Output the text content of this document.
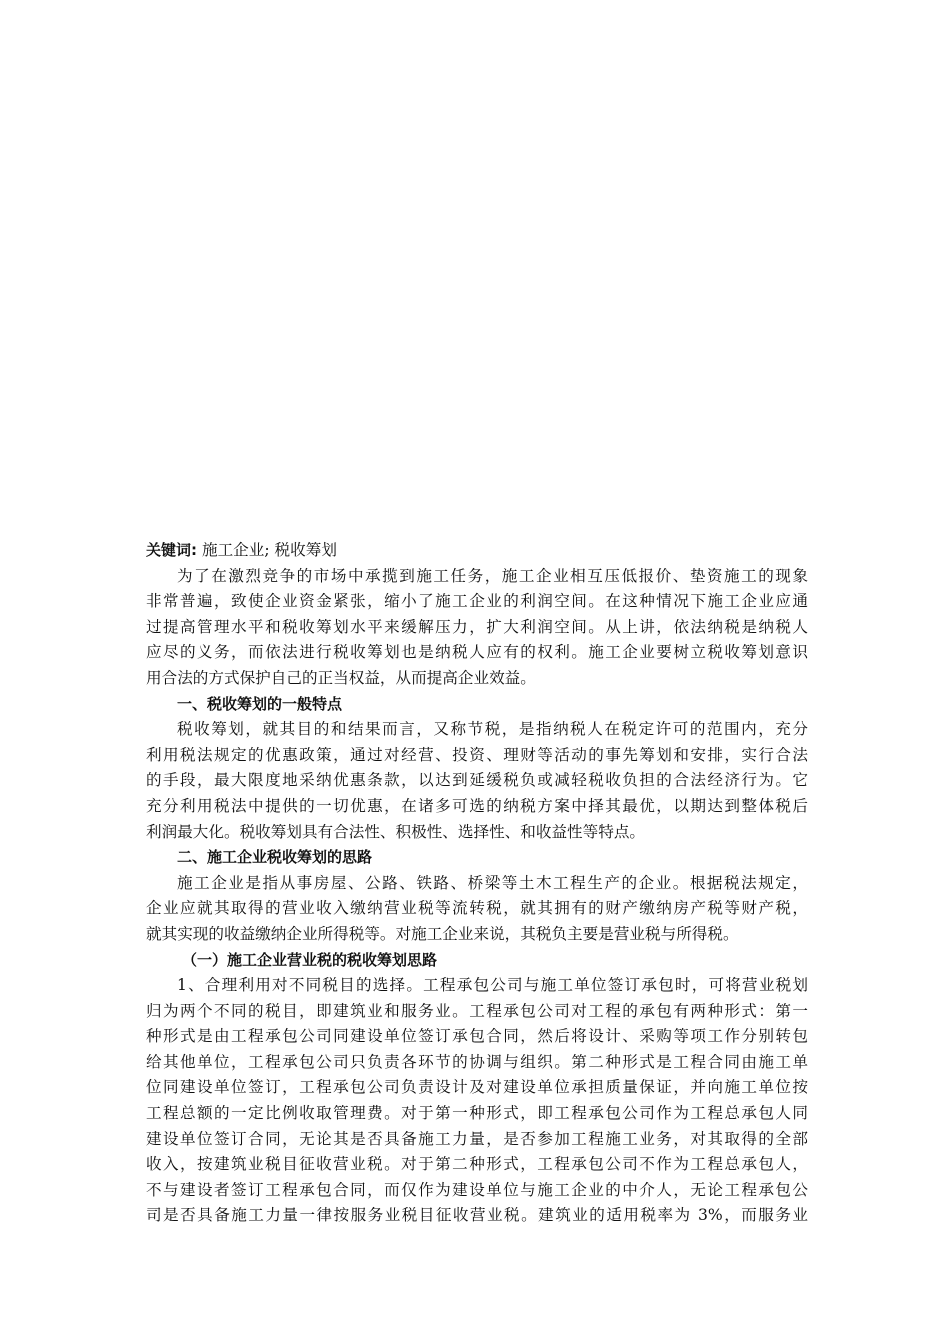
关键词: 施工企业; 税收筹划
为了在激烈竞争的市场中承揽到施工任务，施工企业相互压低报价、垫资施工的现象
非常普遍，致使企业资金紧张，缩小了施工企业的利润空间。在这种情况下施工企业应通
过提高管理水平和税收筹划水平来缓解压力，扩大利润空间。从上讲，依法纳税是纳税人
应尽的义务，而依法进行税收筹划也是纳税人应有的权利。施工企业要树立税收筹划意识
用合法的方式保护自己的正当权益，从而提高企业效益。
一、税收筹划的一般特点
税收筹划，就其目的和结果而言，又称节税，是指纳税人在税定许可的范围内，充分
利用税法规定的优惠政策，通过对经营、投资、理财等活动的事先筹划和安排，实行合法
的手段，最大限度地采纳优惠条款，以达到延缓税负或减轻税收负担的合法经济行为。它
充分利用税法中提供的一切优惠，在诸多可选的纳税方案中择其最优，以期达到整体税后
利润最大化。税收筹划具有合法性、积极性、选择性、和收益性等特点。
二、施工企业税收筹划的思路
施工企业是指从事房屋、公路、铁路、桥梁等土木工程生产的企业。根据税法规定，
企业应就其取得的营业收入缴纳营业税等流转税，就其拥有的财产缴纳房产税等财产税，
就其实现的收益缴纳企业所得税等。对施工企业来说，其税负主要是营业税与所得税。
（一）施工企业营业税的税收筹划思路
1、合理利用对不同税目的选择。工程承包公司与施工单位签订承包时，可将营业税划
归为两个不同的税目，即建筑业和服务业。工程承包公司对工程的承包有两种形式：第一
种形式是由工程承包公司同建设单位签订承包合同，然后将设计、采购等项工作分别转包
给其他单位，工程承包公司只负责各环节的协调与组织。第二种形式是工程合同由施工单
位同建设单位签订，工程承包公司负责设计及对建设单位承担质量保证，并向施工单位按
工程总额的一定比例收取管理费。对于第一种形式，即工程承包公司作为工程总承包人同
建设单位签订合同，无论其是否具备施工力量，是否参加工程施工业务，对其取得的全部
收入，按建筑业税目征收营业税。对于第二种形式，工程承包公司不作为工程总承包人，
不与建设者签订工程承包合同，而仅作为建设单位与施工企业的中介人，无论工程承包公
司是否具备施工力量一律按服务业税目征收营业税。建筑业的适用税率为 3%，而服务业
